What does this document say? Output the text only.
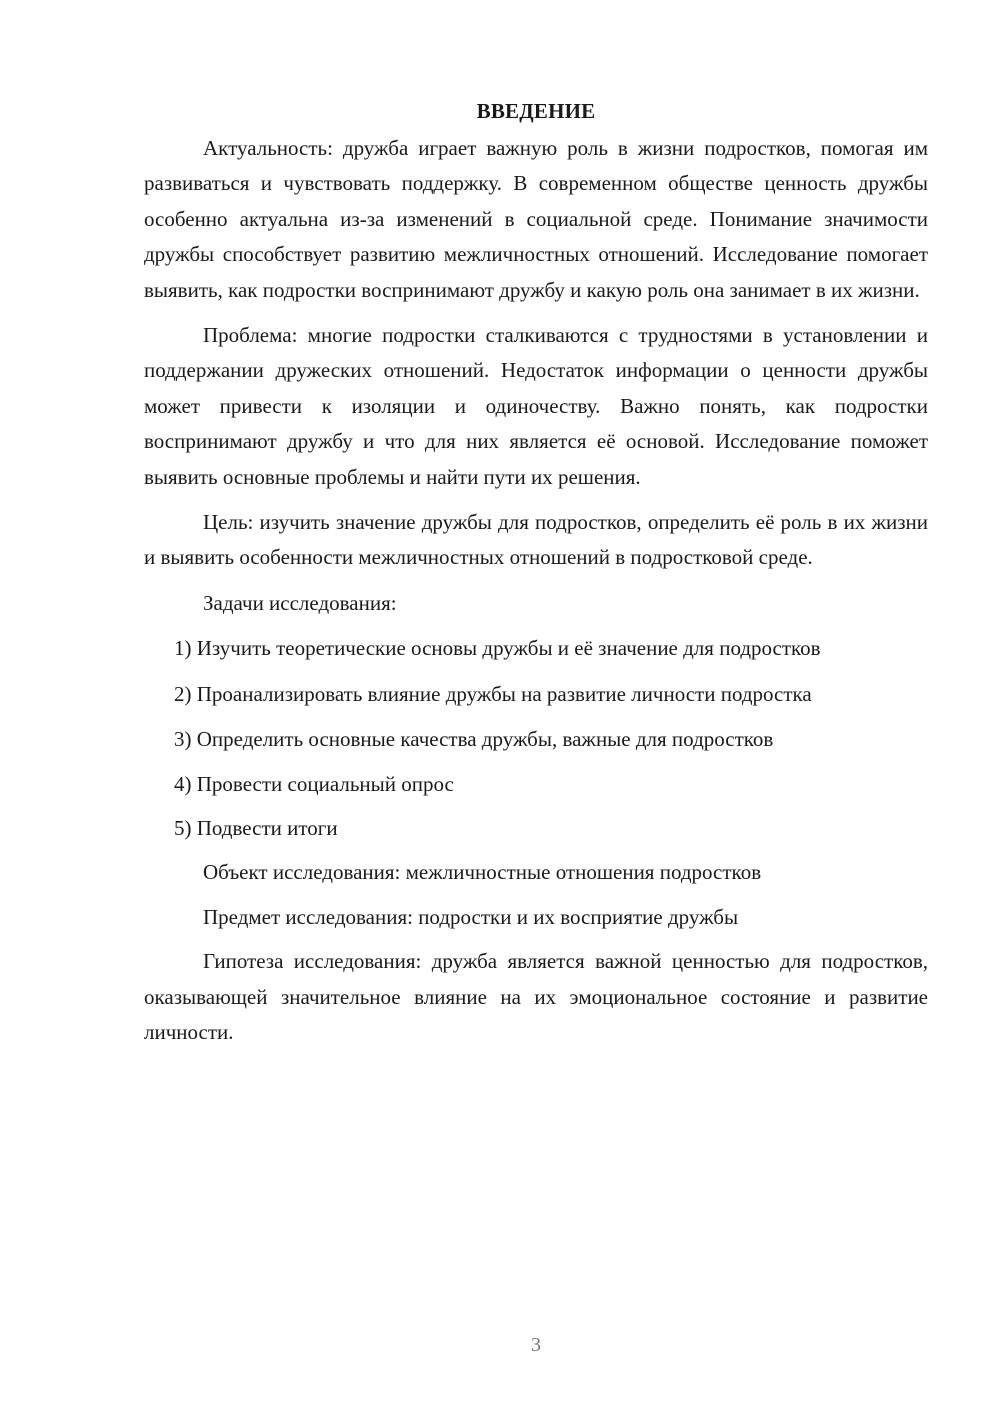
ВВЕДЕНИЕ

Актуальность: дружба играет важную роль в жизни подростков, помогая им развиваться и чувствовать поддержку. В современном обществе ценность дружбы особенно актуальна из-за изменений в социальной среде. Понимание значимости дружбы способствует развитию межличностных отношений. Исследование помогает выявить, как подростки воспринимают дружбу и какую роль она занимает в их жизни.

Проблема: многие подростки сталкиваются с трудностями в установлении и поддержании дружеских отношений. Недостаток информации о ценности дружбы может привести к изоляции и одиночеству. Важно понять, как подростки воспринимают дружбу и что для них является её основой. Исследование поможет выявить основные проблемы и найти пути их решения.

Цель: изучить значение дружбы для подростков, определить её роль в их жизни и выявить особенности межличностных отношений в подростковой среде.

Задачи исследования:

1) Изучить теоретические основы дружбы и её значение для подростков

2) Проанализировать влияние дружбы на развитие личности подростка

3) Определить основные качества дружбы, важные для подростков

4) Провести социальный опрос

5) Подвести итоги

Объект исследования: межличностные отношения подростков

Предмет исследования: подростки и их восприятие дружбы

Гипотеза исследования: дружба является важной ценностью для подростков, оказывающей значительное влияние на их эмоциональное состояние и развитие личности.

3
